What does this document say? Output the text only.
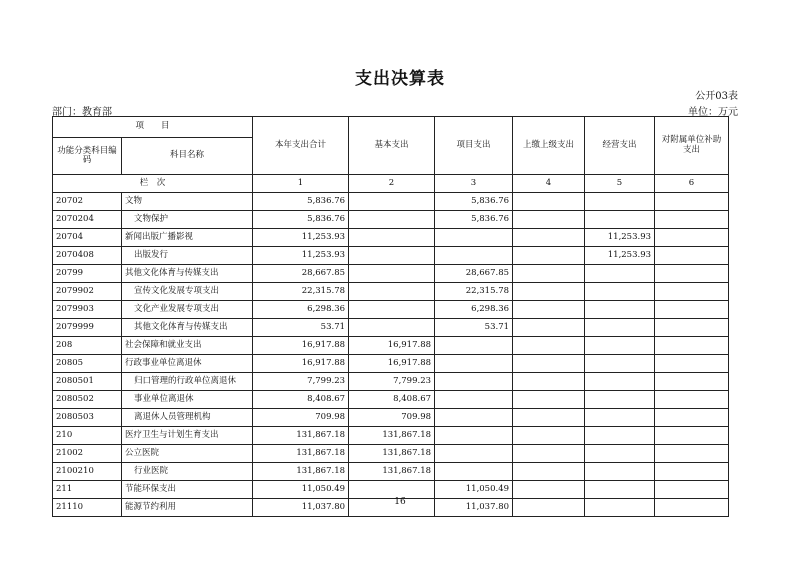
支出决算表
公开03表
部门：教育部	单位：万元
项　　目		本年支出合计	基本支出	项目支出	上缴上级支出	经营支出	对附属单位补助支出
功能分类科目编码	科目名称						
栏　次		1	2	3	4	5	6
20702	文物	5,836.76		5,836.76			
2070204	文物保护	5,836.76		5,836.76			
20704	新闻出版广播影视	11,253.93				11,253.93	
2070408	出版发行	11,253.93				11,253.93	
20799	其他文化体育与传媒支出	28,667.85		28,667.85			
2079902	宣传文化发展专项支出	22,315.78		22,315.78			
2079903	文化产业发展专项支出	6,298.36		6,298.36			
2079999	其他文化体育与传媒支出	53.71		53.71			
208	社会保障和就业支出	16,917.88	16,917.88				
20805	行政事业单位离退休	16,917.88	16,917.88				
2080501	归口管理的行政单位离退休	7,799.23	7,799.23				
2080502	事业单位离退休	8,408.67	8,408.67				
2080503	离退休人员管理机构	709.98	709.98				
210	医疗卫生与计划生育支出	131,867.18	131,867.18				
21002	公立医院	131,867.18	131,867.18				
2100210	行业医院	131,867.18	131,867.18				
211	节能环保支出	11,050.49		11,050.49			
21110	能源节约利用	11,037.80		11,037.80			
16
